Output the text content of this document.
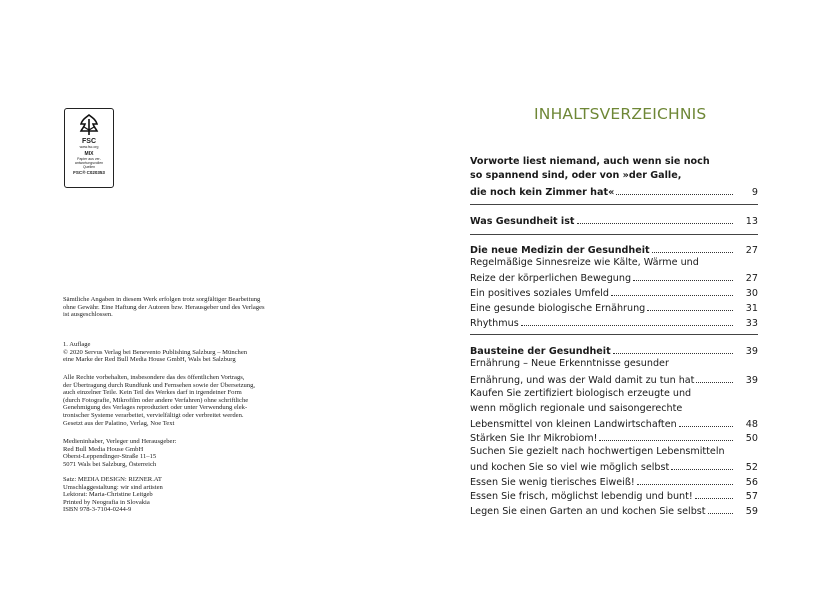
FSC
www.fsc.org
MIX
Papier aus ver-
antwortungsvollen
Quellen
FSC® C020353
Sämtliche Angaben in diesem Werk erfolgen trotz sorgfältiger Bearbeitung
ohne Gewähr. Eine Haftung der Autoren bzw. Herausgeber und des Verlages
ist ausgeschlossen.
1. Auflage
© 2020 Servus Verlag bei Benevento Publishing Salzburg – München
eine Marke der Red Bull Media House GmbH, Wals bei Salzburg
Alle Rechte vorbehalten, insbesondere das des öffentlichen Vortrags,
der Übertragung durch Rundfunk und Fernsehen sowie der Übersetzung,
auch einzelner Teile. Kein Teil des Werkes darf in irgendeiner Form
(durch Fotografie, Mikrofilm oder andere Verfahren) ohne schriftliche
Genehmigung des Verlages reproduziert oder unter Verwendung elek-
tronischer Systeme verarbeitet, vervielfältigt oder verbreitet werden.
Gesetzt aus der Palatino, Verlag, Noe Text
Medieninhaber, Verleger und Herausgeber:
Red Bull Media House GmbH
Oberst-Leppendinger-Straße 11–15
5071 Wals bei Salzburg, Österreich
Satz: MEDIA DESIGN: RIZNER.AT
Umschlaggestaltung: wir sind artisten
Lektorat: Maria-Christine Leitgeb
Printed by Neografia in Slovakia
ISBN 978-3-7104-0244-9
INHALTSVERZEICHNIS
Vorworte liest niemand, auch wenn sie noch
so spannend sind, oder von »der Galle,
die noch kein Zimmer hat«	9
Was Gesundheit ist	13
Die neue Medizin der Gesundheit	27
Regelmäßige Sinnesreize wie Kälte, Wärme und
Reize der körperlichen Bewegung	27
Ein positives soziales Umfeld	30
Eine gesunde biologische Ernährung	31
Rhythmus	33
Bausteine der Gesundheit	39
Ernährung – Neue Erkenntnisse gesunder
Ernährung, und was der Wald damit zu tun hat	39
Kaufen Sie zertifiziert biologisch erzeugte und
wenn möglich regionale und saisongerechte
Lebensmittel von kleinen Landwirtschaften	48
Stärken Sie Ihr Mikrobiom!	50
Suchen Sie gezielt nach hochwertigen Lebensmitteln
und kochen Sie so viel wie möglich selbst	52
Essen Sie wenig tierisches Eiweiß!	56
Essen Sie frisch, möglichst lebendig und bunt!	57
Legen Sie einen Garten an und kochen Sie selbst	59
